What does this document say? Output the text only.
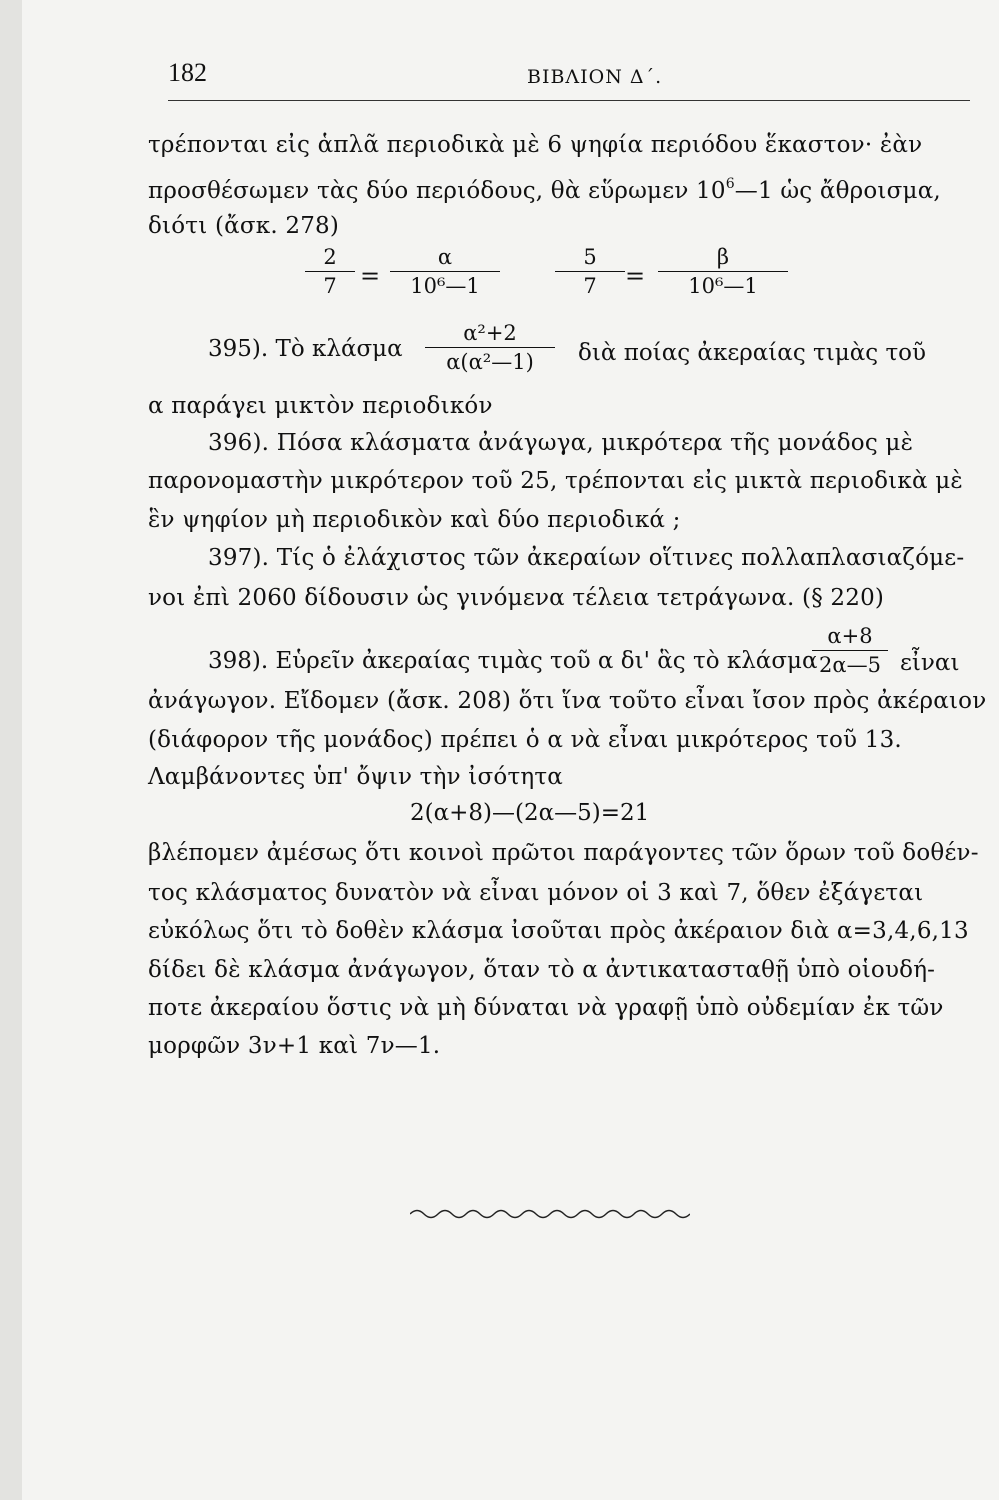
182	ΒΙΒΛΙΟΝ Δ΄.
τρέπονται εἰς ἁπλᾶ περιοδικὰ μὲ 6 ψηφία περιόδου ἕκαστον· ἐὰν
προσθέσωμεν τὰς δύο περιόδους, θὰ εὕρωμεν $10^6—1$ ὡς ἄθροισμα,
διότι (ἄσκ. 278)
2
7 =
α
10⁶—1
5
7	=
β
10⁶—1
395). Τὸ κλάσμα
α²+2
α(α²—1)	διὰ ποίας ἀκεραίας τιμὰς τοῦ
α παράγει μικτὸν περιοδικόν
396). Πόσα κλάσματα ἀνάγωγα, μικρότερα τῆς μονάδος μὲ
παρονομαστὴν μικρότερον τοῦ 25, τρέπονται εἰς μικτὰ περιοδικὰ μὲ
ἓν ψηφίον μὴ περιοδικὸν καὶ δύο περιοδικά ;
397). Τίς ὁ ἐλάχιστος τῶν ἀκεραίων οἵτινες πολλαπλασιαζόμε-
νοι ἐπὶ 2060 δίδουσιν ὡς γινόμενα τέλεια τετράγωνα. (§ 220)
398). Εὑρεῖν ἀκεραίας τιμὰς τοῦ α δι' ἃς τὸ κλάσμα
α+8
2α—5 εἶναι
ἀνάγωγον. Εἴδομεν (ἄσκ. 208) ὅτι ἵνα τοῦτο εἶναι ἴσον πρὸς ἀκέραιον
(διάφορον τῆς μονάδος) πρέπει ὁ α νὰ εἶναι μικρότερος τοῦ 13.
Λαμβάνοντες ὑπ' ὄψιν τὴν ἰσότητα
2(α+8)—(2α—5)=21
βλέπομεν ἀμέσως ὅτι κοινοὶ πρῶτοι παράγοντες τῶν ὅρων τοῦ δοθέν-
τος κλάσματος δυνατὸν νὰ εἶναι μόνον οἱ 3 καὶ 7, ὅθεν ἐξάγεται
εὐκόλως ὅτι τὸ δοθὲν κλάσμα ἰσοῦται πρὸς ἀκέραιον διὰ α=3,4,6,13
δίδει δὲ κλάσμα ἀνάγωγον, ὅταν τὸ α ἀντικατασταθῇ ὑπὸ οἱουδή-
ποτε ἀκεραίου ὅστις νὰ μὴ δύναται νὰ γραφῇ ὑπὸ οὐδεμίαν ἐκ τῶν
μορφῶν 3ν+1 καὶ 7ν—1.
